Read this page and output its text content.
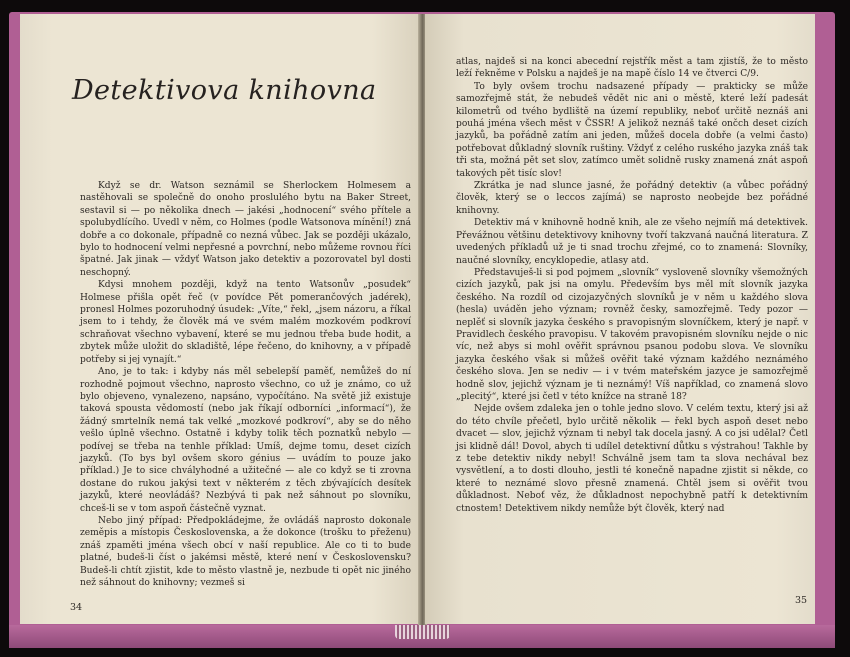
Detektivova knihovna

Když se dr. Watson seznámil se Sherlockem Holmesem a nastěhovali se společně do onoho proslulého bytu na Baker Street, sestavil si — po několika dnech — jakési „hodnocení“ svého přítele a spolubydlícího. Uvedl v něm, co Holmes (podle Watsonova mínění!) zná dobře a co dokonale, případně co nezná vůbec. Jak se později ukázalo, bylo to hodnocení velmi nepřesné a povrchní, nebo můžeme rovnou říci špatné. Jak jinak — vždyť Watson jako detektiv a pozorovatel byl dosti neschopný.

Kdysi mnohem později, když na tento Watsonův „posudek“ Holmese přišla opět řeč (v povídce Pět pomerančových jadérek), pronesl Holmes pozoruhodný úsudek: „Víte,“ řekl, „jsem názoru, a říkal jsem to i tehdy, že člověk má ve svém malém mozkovém podkroví schraňovat všechno vybavení, které se mu jednou třeba bude hodit, a zbytek může uložit do skladiště, lépe řečeno, do knihovny, a v případě potřeby si jej vynajít.“

Ano, je to tak: i kdyby nás měl sebelepší paměť, nemůžeš do ní rozhodně pojmout všechno, naprosto všechno, co už je známo, co už bylo objeveno, vynalezeno, napsáno, vypočítáno. Na světě již existuje taková spousta vědomostí (nebo jak říkají odborníci „informací“), že žádný smrtelník nemá tak velké „mozkové podkroví“, aby se do něho vešlo úplně všechno. Ostatně i kdyby tolik těch poznatků nebylo — podívej se třeba na tenhle příklad: Umíš, dejme tomu, deset cizích jazyků. (To bys byl ovšem skoro génius — uvádím to pouze jako příklad.) Je to sice chvályhodné a užitečné — ale co když se ti zrovna dostane do rukou jakýsi text v některém z těch zbývajících desítek jazyků, které neovládáš? Nezbývá ti pak než sáhnout po slovníku, chceš-li se v tom aspoň částečně vyznat.

Nebo jiný případ: Předpokládejme, že ovládáš naprosto dokonale zeměpis a místopis Československa, a že dokonce (trošku to přeženu) znáš zpaměti jména všech obcí v naší republice. Ale co ti to bude platné, budeš-li číst o jakémsi městě, které není v Československu? Budeš-li chtít zjistit, kde to město vlastně je, nezbude ti opět nic jiného než sáhnout do knihovny; vezmeš si

34

atlas, najdeš si na konci abecední rejstřík měst a tam zjistíš, že to město leží řekněme v Polsku a najdeš je na mapě číslo 14 ve čtverci C/9.

To byly ovšem trochu nadsazené případy — prakticky se může samozřejmě stát, že nebudeš vědět nic ani o městě, které leží padesát kilometrů od tvého bydliště na území republiky, neboť určitě neznáš ani pouhá jména všech měst v ČSSR! A jelikož neznáš také ončch deset cizích jazyků, ba pořádně zatím ani jeden, můžeš docela dobře (a velmi často) potřebovat důkladný slovník ruštiny. Vždyť z celého ruského jazyka znáš tak tři sta, možná pět set slov, zatímco umět solidně rusky znamená znát aspoň takových pět tisíc slov!

Zkrátka je nad slunce jasné, že pořádný detektiv (a vůbec pořádný člověk, který se o leccos zajímá) se naprosto neobejde bez pořádné knihovny.

Detektiv má v knihovně hodně knih, ale ze všeho nejmíň má detektivek. Převážnou většinu detektivovy knihovny tvoří takzvaná naučná literatura. Z uvedených příkladů už je ti snad trochu zřejmé, co to znamená: Slovníky, naučné slovníky, encyklopedie, atlasy atd.

Představuješ-li si pod pojmem „slovník“ vysloveně slovníky všemožných cizích jazyků, pak jsi na omylu. Především bys měl mít slovník jazyka českého. Na rozdíl od cizojazyčných slovníků je v něm u každého slova (hesla) uváděn jeho význam; rovněž česky, samozřejmě. Tedy pozor — neplěť si slovník jazyka českého s pravopisným slovníčkem, který je např. v Pravidlech českého pravopisu. V takovém pravopisném slovníku nejde o nic víc, než abys si mohl ověřit správnou psanou podobu slova. Ve slovníku jazyka českého však si můžeš ověřit také význam každého neznámého českého slova. Jen se nediv — i v tvém mateřském jazyce je samozřejmě hodně slov, jejichž význam je ti neznámý! Víš například, co znamená slovo „plecitý“, které jsi četl v této knížce na straně 18?

Nejde ovšem zdaleka jen o tohle jedno slovo. V celém textu, který jsi až do této chvíle přečetl, bylo určitě několik — řekl bych aspoň deset nebo dvacet — slov, jejichž význam ti nebyl tak docela jasný. A co jsi udělal? Četl jsi klidně dál! Dovol, abych ti udílel detektivní důtku s výstrahou! Takhle by z tebe detektiv nikdy nebyl! Schválně jsem tam ta slova nechával bez vysvětlení, a to dosti dlouho, jestli té konečně napadne zjistit si někde, co které to neznámé slovo přesně znamená. Chtěl jsem si ověřit tvou důkladnost. Neboť věz, že důkladnost nepochybně patří k detektivním ctnostem! Detektivem nikdy nemůže být člověk, který nad

35
